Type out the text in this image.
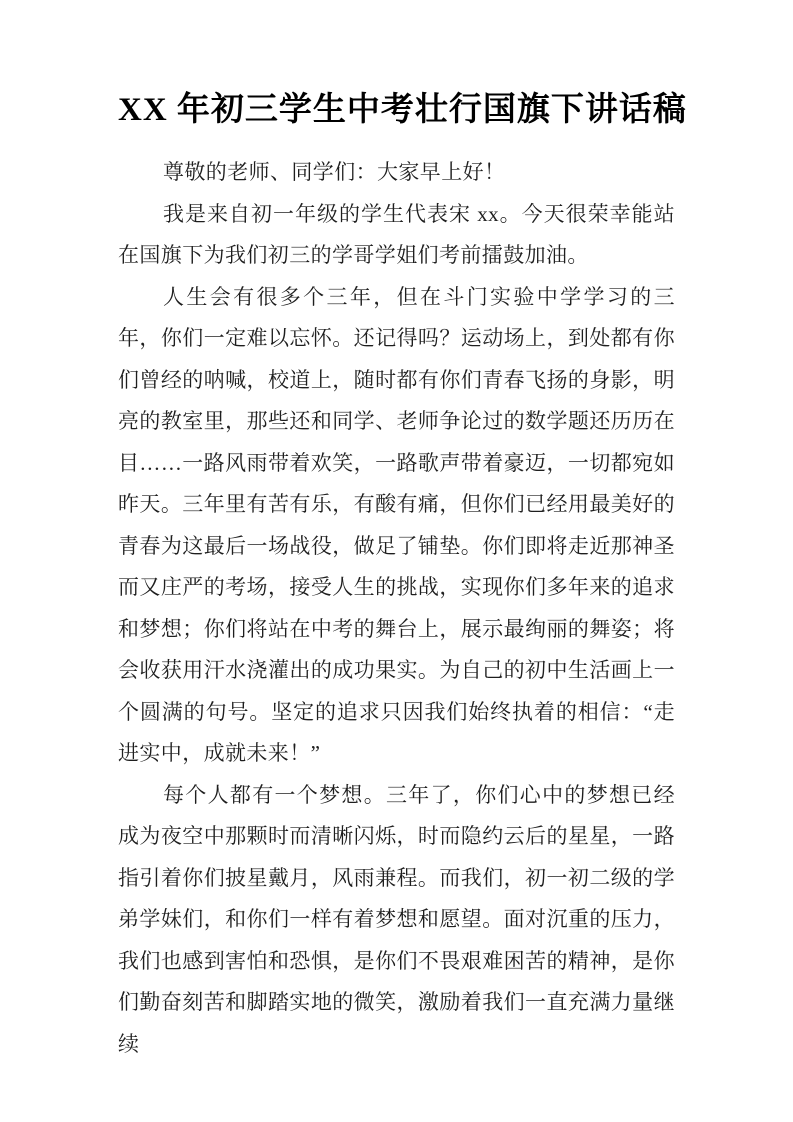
XX 年初三学生中考壮行国旗下讲话稿

尊敬的老师、同学们：大家早上好！

我是来自初一年级的学生代表宋 xx。今天很荣幸能站在国旗下为我们初三的学哥学姐们考前擂鼓加油。

人生会有很多个三年，但在斗门实验中学学习的三年，你们一定难以忘怀。还记得吗？运动场上，到处都有你们曾经的呐喊，校道上，随时都有你们青春飞扬的身影，明亮的教室里，那些还和同学、老师争论过的数学题还历历在目……一路风雨带着欢笑，一路歌声带着豪迈，一切都宛如昨天。三年里有苦有乐，有酸有痛，但你们已经用最美好的青春为这最后一场战役，做足了铺垫。你们即将走近那神圣而又庄严的考场，接受人生的挑战，实现你们多年来的追求和梦想；你们将站在中考的舞台上，展示最绚丽的舞姿；将会收获用汗水浇灌出的成功果实。为自己的初中生活画上一个圆满的句号。坚定的追求只因我们始终执着的相信：“走进实中，成就未来！”

每个人都有一个梦想。三年了，你们心中的梦想已经成为夜空中那颗时而清晰闪烁，时而隐约云后的星星，一路指引着你们披星戴月，风雨兼程。而我们，初一初二级的学弟学妹们，和你们一样有着梦想和愿望。面对沉重的压力，我们也感到害怕和恐惧，是你们不畏艰难困苦的精神，是你们勤奋刻苦和脚踏实地的微笑，激励着我们一直充满力量继续
